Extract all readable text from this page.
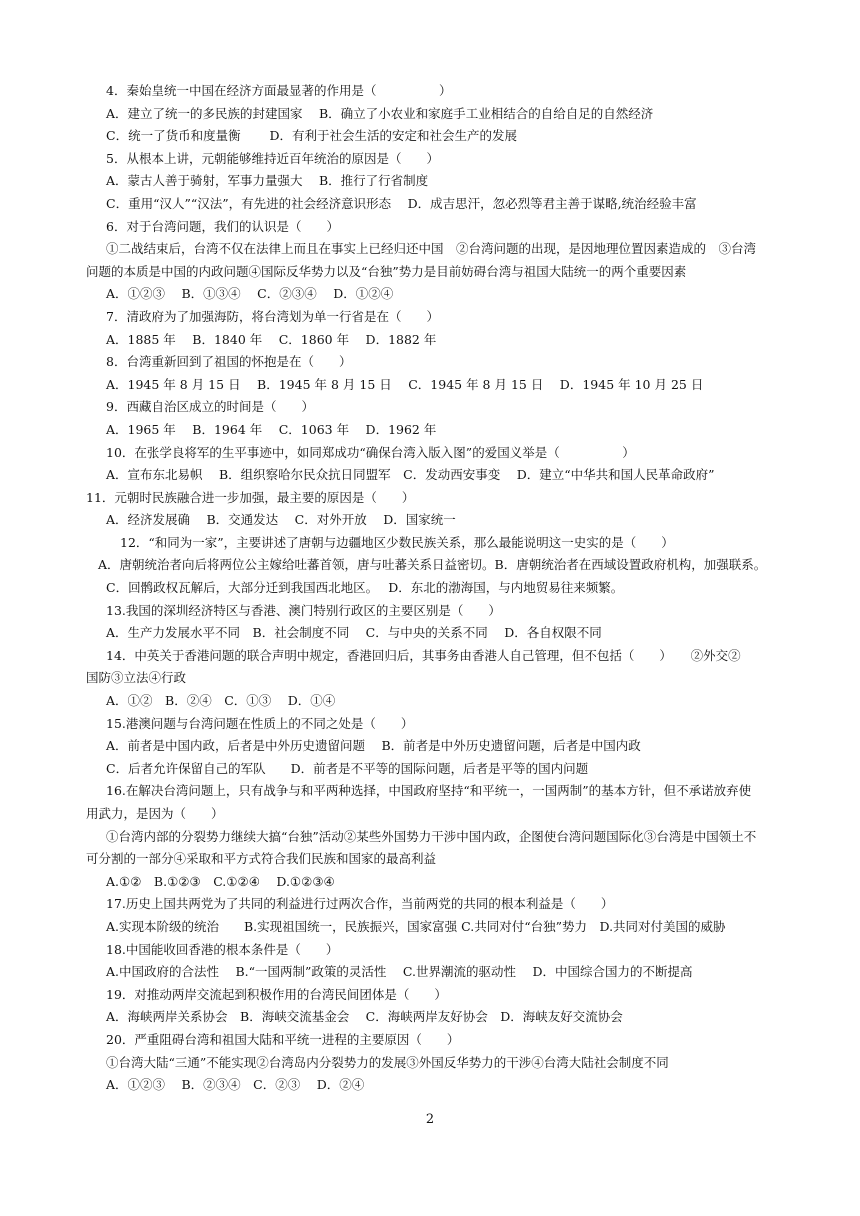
4．秦始皇统一中国在经济方面最显著的作用是（　　　　　）
A．建立了统一的多民族的封建国家　 B．确立了小农业和家庭手工业相结合的自给自足的自然经济
C．统一了货币和度量衡　　 D．有利于社会生活的安定和社会生产的发展
5．从根本上讲，元朝能够维持近百年统治的原因是（　　）
A．蒙古人善于骑射，军事力量强大　 B．推行了行省制度
C．重用“汉人”“汉法”，有先进的社会经济意识形态　 D．成吉思汗，忽必烈等君主善于谋略,统治经验丰富
6．对于台湾问题，我们的认识是（　　）
①二战结束后，台湾不仅在法律上而且在事实上已经归还中国　②台湾问题的出现，是因地理位置因素造成的　③台湾
问题的本质是中国的内政问题④国际反华势力以及“台独”势力是目前妨碍台湾与祖国大陆统一的两个重要因素
A．①②③　 B．①③④　 C．②③④　 D．①②④
7．清政府为了加强海防，将台湾划为单一行省是在（　　）
A．1885 年　 B．1840 年　 C．1860 年　 D．1882 年
8．台湾重新回到了祖国的怀抱是在（　　）
A．1945 年 8 月 15 日　 B．1945 年 8 月 15 日　 C．1945 年 8 月 15 日　 D．1945 年 10 月 25 日
9．西藏自治区成立的时间是（　　）
A．1965 年　 B．1964 年　 C．1063 年　 D．1962 年
10．在张学良将军的生平事迹中，如同郑成功“确保台湾入版入图”的爱国义举是（　　　　　）
A．宣布东北易帜　 B．组织察哈尔民众抗日同盟军　C．发动西安事变　 D．建立“中华共和国人民革命政府”
11．元朝时民族融合进一步加强，最主要的原因是（　　）
A．经济发展确　 B．交通发达　 C．对外开放　 D．国家统一
12．“和同为一家”，主要讲述了唐朝与边疆地区少数民族关系，那么最能说明这一史实的是（　　）
A．唐朝统治者向后将两位公主嫁给吐蕃首领，唐与吐蕃关系日益密切。B．唐朝统治者在西域设置政府机构，加强联系。
C．回鹘政权瓦解后，大部分迁到我国西北地区。　 D．东北的渤海国，与内地贸易往来频繁。
13.我国的深圳经济特区与香港、澳门特别行政区的主要区别是（　　）
A．生产力发展水平不同　B．社会制度不同　 C．与中央的关系不同　 D．各自权限不同
14．中英关于香港问题的联合声明中规定，香港回归后，其事务由香港人自己管理，但不包括（　　）　　②外交②
国防③立法④行政
A．①②　B．②④　C．①③　 D．①④
15.港澳问题与台湾问题在性质上的不同之处是（　　）
A．前者是中国内政，后者是中外历史遗留问题　 B．前者是中外历史遗留问题，后者是中国内政
C．后者允许保留自己的军队　　D．前者是不平等的国际问题，后者是平等的国内问题
16.在解决台湾问题上，只有战争与和平两种选择，中国政府坚持“和平统一，一国两制”的基本方针，但不承诺放弃使
用武力，是因为（　　）
①台湾内部的分裂势力继续大搞“台独”活动②某些外国势力干涉中国内政，企图使台湾问题国际化③台湾是中国领土不
可分割的一部分④采取和平方式符合我们民族和国家的最高利益
A.①②　B.①②③　C.①②④　 D.①②③④
17.历史上国共两党为了共同的利益进行过两次合作，当前两党的共同的根本利益是（　　）
A.实现本阶级的统治　　B.实现祖国统一，民族振兴，国家富强 C.共同对付“台独”势力　D.共同对付美国的威胁
18.中国能收回香港的根本条件是（　　）
A.中国政府的合法性　 B.“一国两制”政策的灵活性　 C.世界潮流的驱动性　 D．中国综合国力的不断提高
19．对推动两岸交流起到积极作用的台湾民间团体是（　　）
A．海峡两岸关系协会　B．海峡交流基金会　 C．海峡两岸友好协会　D．海峡友好交流协会
20．严重阻碍台湾和祖国大陆和平统一进程的主要原因（　　）
①台湾大陆“三通”不能实现②台湾岛内分裂势力的发展③外国反华势力的干涉④台湾大陆社会制度不同
A．①②③　 B．②③④　C．②③　 D．②④
2
